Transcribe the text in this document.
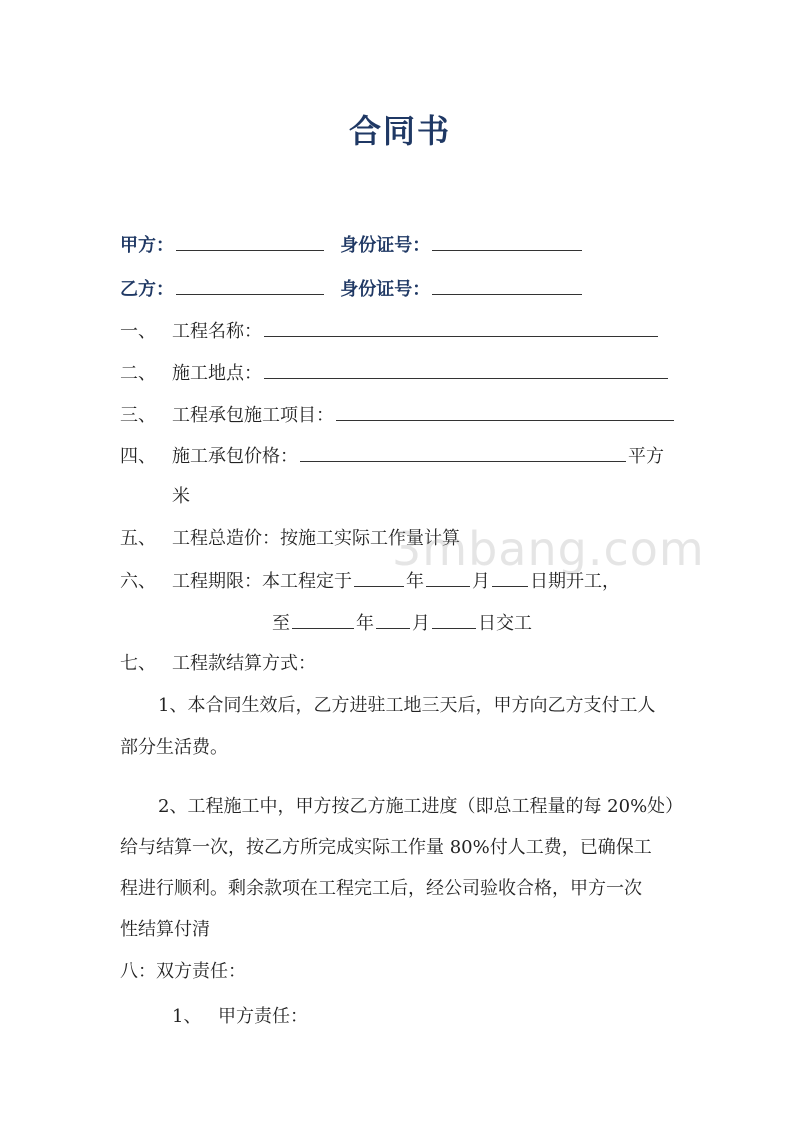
合同书
甲方：	身份证号：
乙方：	身份证号：
一、 工程名称：
二、 施工地点：
三、 工程承包施工项目：
四、 施工承包价格：	平方
米
五、 工程总造价：按施工实际工作量计算
六、 工程期限：本工程定于	年	月 日期开工，
至	年 月	日交工
七、 工程款结算方式：
1、本合同生效后，乙方进驻工地三天后，甲方向乙方支付工人
部分生活费。
2、工程施工中，甲方按乙方施工进度（即总工程量的每 20%处）
给与结算一次，按乙方所完成实际工作量 80%付人工费，已确保工
程进行顺利。剩余款项在工程完工后，经公司验收合格，甲方一次
性结算付清
八：双方责任：
1、 甲方责任：
3mbang.com
